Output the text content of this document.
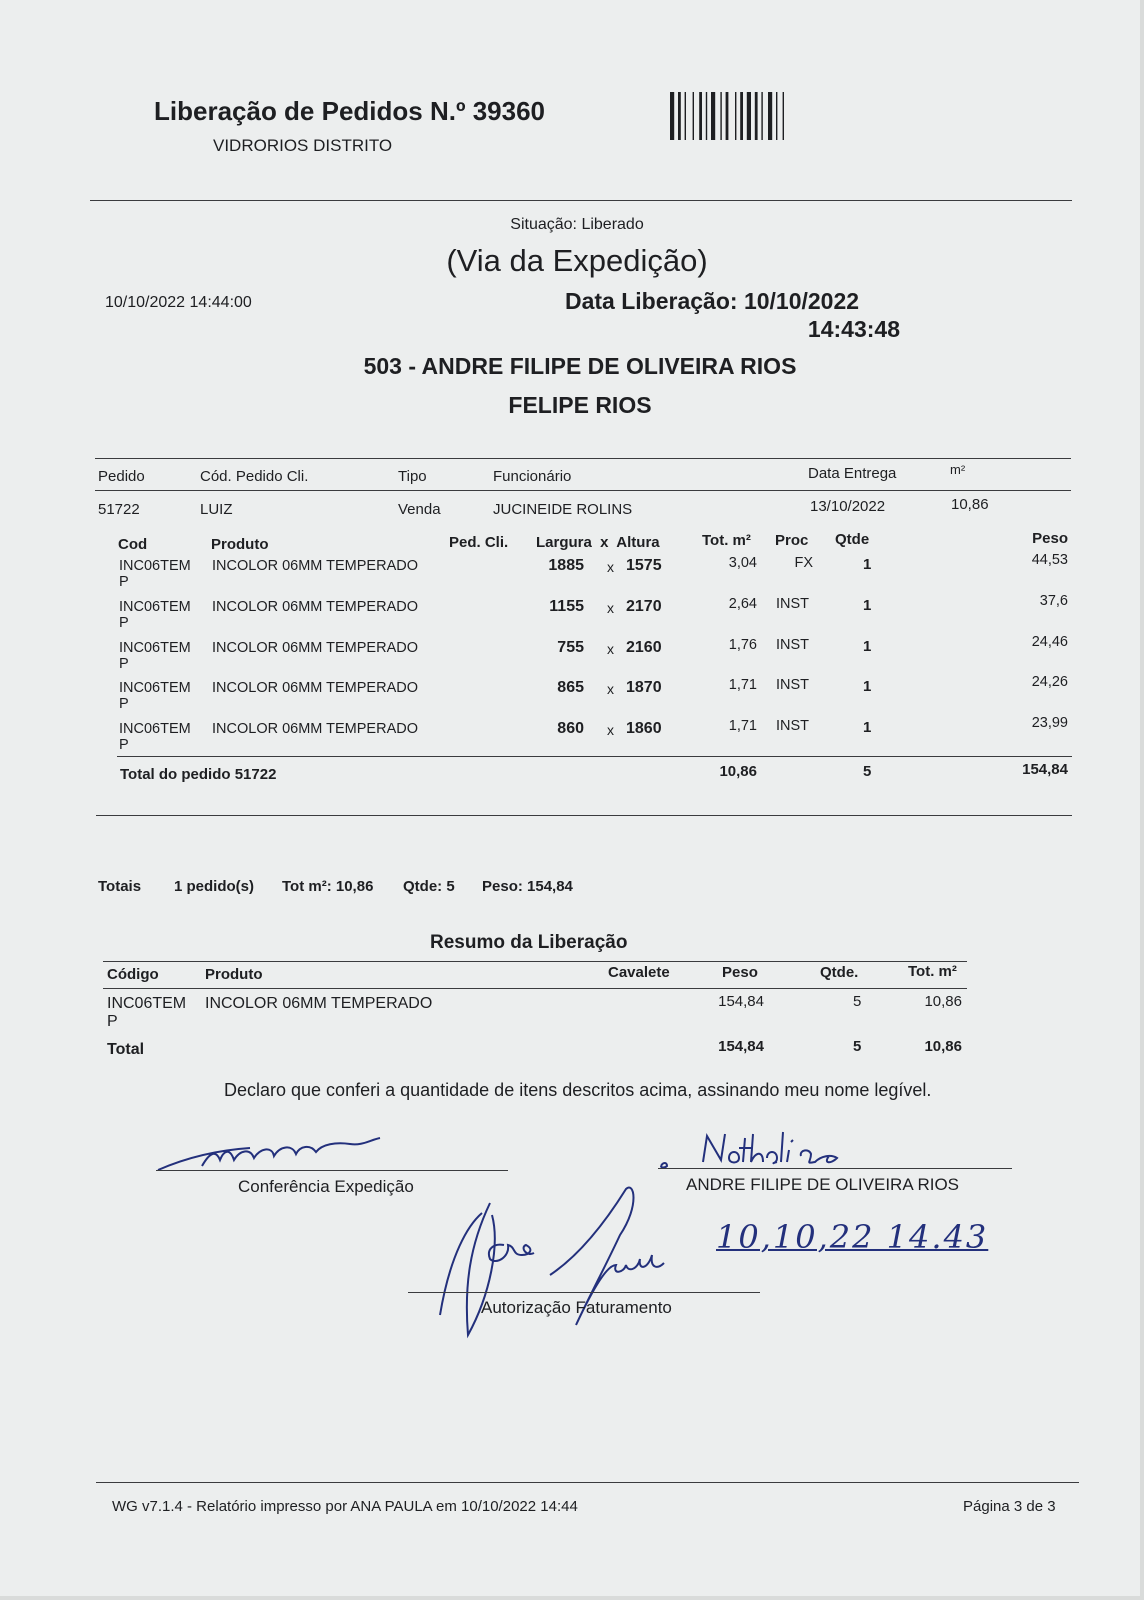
Liberação de Pedidos N.º 39360
VIDRORIOS DISTRITO
Situação: Liberado
(Via da Expedição)
10/10/2022 14:44:00	Data Liberação: 10/10/2022
14:43:48
503 - ANDRE FILIPE DE OLIVEIRA RIOS
FELIPE RIOS
Pedido	Cód. Pedido Cli.	Tipo	Funcionário	Data Entrega	m²
51722	LUIZ	Venda	JUCINEIDE ROLINS	13/10/2022	10,86
Cod	Produto	Ped. Cli. Largura  x  Altura	Tot. m² Proc Qtde	Peso
INC06TEM
P
INCOLOR 06MM TEMPERADO	1885 x 1575	3,04	FX	1	44,53
INC06TEM
P
INCOLOR 06MM TEMPERADO	1155 x 2170	2,64 INST	1	37,6
INC06TEM
P
INCOLOR 06MM TEMPERADO	755 x 2160	1,76 INST	1	24,46
INC06TEM
P
INCOLOR 06MM TEMPERADO	865 x 1870	1,71 INST	1	24,26
INC06TEM
P
INCOLOR 06MM TEMPERADO	860 x 1860	1,71 INST	1	23,99
Total do pedido 51722	10,86	5	154,84
Totais 1 pedido(s) Tot m²: 10,86 Qtde: 5 Peso: 154,84
Resumo da Liberação
Código	Produto	Cavalete	Peso	Qtde.	Tot. m²
INC06TEM
P
INCOLOR 06MM TEMPERADO	154,84	5	10,86
Total	154,84	5	10,86
Declaro que conferi a quantidade de itens descritos acima, assinando meu nome legível.
Conferência Expedição	ANDRE FILIPE DE OLIVEIRA RIOS
10,10,22 14.43
Autorização Faturamento
WG v7.1.4 - Relatório impresso por ANA PAULA em 10/10/2022 14:44	Página 3 de 3
